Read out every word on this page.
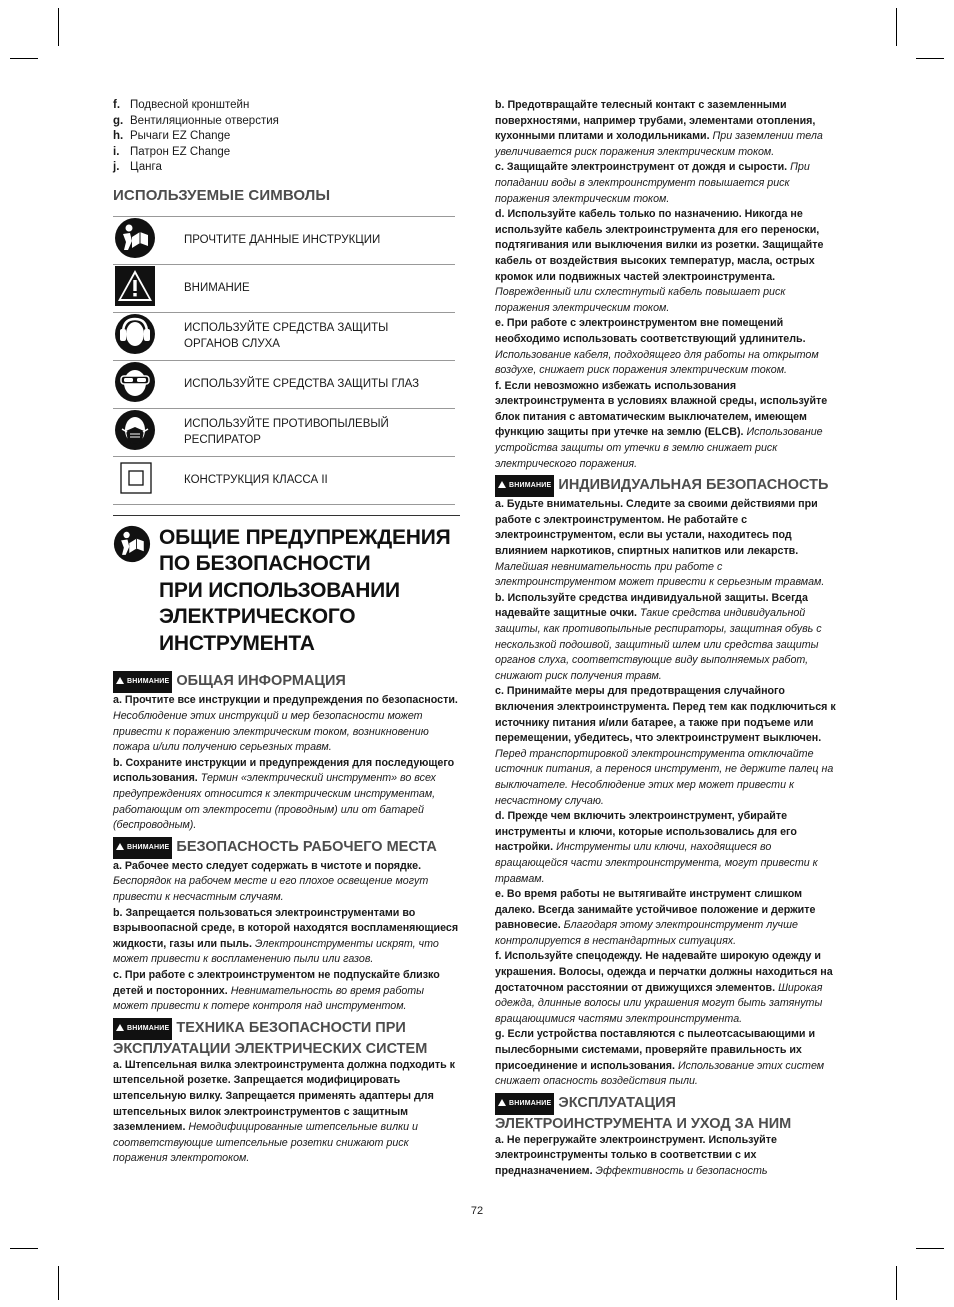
f. Подвесной кронштейн
g. Вентиляционные отверстия
h. Рычаги EZ Change
i. Патрон EZ Change
j. Цанга
ИСПОЛЬЗУЕМЫЕ СИМВОЛЫ
	ПРОЧТИТЕ ДАННЫЕ ИНСТРУКЦИИ
	ВНИМАНИЕ
	ИСПОЛЬЗУЙТЕ СРЕДСТВА ЗАЩИТЫ ОРГАНОВ СЛУХА
	ИСПОЛЬЗУЙТЕ СРЕДСТВА ЗАЩИТЫ ГЛАЗ
	ИСПОЛЬЗУЙТЕ ПРОТИВОПЫЛЕВЫЙ РЕСПИРАТОР
	КОНСТРУКЦИЯ КЛАССА II
ОБЩИЕ ПРЕДУПРЕЖДЕНИЯ
ПО БЕЗОПАСНОСТИ
ПРИ ИСПОЛЬЗОВАНИИ
ЭЛЕКТРИЧЕСКОГО
ИНСТРУМЕНТА
ВНИМАНИЕ ОБЩАЯ ИНФОРМАЦИЯ

a. Прочтите все инструкции и предупреждения по безопасности. Несоблюдение этих инструкций и мер безопасности может привести к поражению электрическим током, возникновению пожара и/или получению серьезных травм.

b. Сохраните инструкции и предупреждения для последующего использования. Термин «электрический инструмент» во всех предупреждениях относится к электрическим инструментам, работающим от электросети (проводным) или от батарей (беспроводным).

ВНИМАНИЕ БЕЗОПАСНОСТЬ РАБОЧЕГО МЕСТА

a. Рабочее место следует содержать в чистоте и порядке. Беспорядок на рабочем месте и его плохое освещение могут привести к несчастным случаям.

b. Запрещается пользоваться электроинструментами во взрывоопасной среде, в которой находятся воспламеняющиеся жидкости, газы или пыль. Электроинструменты искрят, что может привести к воспламенению пыли или газов.

c. При работе с электроинструментом не подпускайте близко детей и посторонних. Невнимательность во время работы может привести к потере контроля над инструментом.

ВНИМАНИЕ ТЕХНИКА БЕЗОПАСНОСТИ ПРИ ЭКСПЛУАТАЦИИ ЭЛЕКТРИЧЕСКИХ СИСТЕМ

a. Штепсельная вилка электроинструмента должна подходить к штепсельной розетке. Запрещается модифицировать штепсельную вилку. Запрещается применять адаптеры для штепсельных вилок электроинструментов с защитным заземлением. Немодифицированные штепсельные вилки и соответствующие штепсельные розетки снижают риск поражения электротоком.

b. Предотвращайте телесный контакт с заземленными поверхностями, например трубами, элементами отопления, кухонными плитами и холодильниками. При заземлении тела увеличивается риск поражения электрическим током.

c. Защищайте электроинструмент от дождя и сырости. При попадании воды в электроинструмент повышается риск поражения электрическим током.

d. Используйте кабель только по назначению. Никогда не используйте кабель электроинструмента для его переноски, подтягивания или выключения вилки из розетки. Защищайте кабель от воздействия высоких температур, масла, острых кромок или подвижных частей электроинструмента. Поврежденный или схлестнутый кабель повышает риск поражения электрическим током.

e. При работе с электроинструментом вне помещений необходимо использовать соответствующий удлинитель. Использование кабеля, подходящего для работы на открытом воздухе, снижает риск поражения электрическим током.

f. Если невозможно избежать использования электроинструмента в условиях влажной среды, используйте блок питания с автоматическим выключателем, имеющем функцию защиты при утечке на землю (ELCB). Использование устройства защиты от утечки в землю снижает риск электрического поражения.

ВНИМАНИЕ ИНДИВИДУАЛЬНАЯ БЕЗОПАСНОСТЬ

a. Будьте внимательны. Следите за своими действиями при работе с электроинструментом. Не работайте с электроинструментом, если вы устали, находитесь под влиянием наркотиков, спиртных напитков или лекарств. Малейшая невнимательность при работе с электроинструментом может привести к серьезным травмам.

b. Используйте средства индивидуальной защиты. Всегда надевайте защитные очки. Такие средства индивидуальной защиты, как противопыльные респираторы, защитная обувь с нескользкой подошвой, защитный шлем или средства защиты органов слуха, соответствующие виду выполняемых работ, снижают риск получения травм.

c. Принимайте меры для предотвращения случайного включения электроинструмента. Перед тем как подключиться к источнику питания и/или батарее, а также при подъеме или перемещении, убедитесь, что электроинструмент выключен. Перед транспортировкой электроинструмента отключайте источник питания, а перенося инструмент, не держите палец на выключателе. Несоблюдение этих мер может привести к несчастному случаю.

d. Прежде чем включить электроинструмент, убирайте инструменты и ключи, которые использовались для его настройки. Инструменты или ключи, находящиеся во вращающейся части электроинструмента, могут привести к травмам.

e. Во время работы не вытягивайте инструмент слишком далеко. Всегда занимайте устойчивое положение и держите равновесие. Благодаря этому электроинструмент лучше контролируется в нестандартных ситуациях.

f. Используйте спецодежду. Не надевайте широкую одежду и украшения. Волосы, одежда и перчатки должны находиться на достаточном расстоянии от движущихся элементов. Широкая одежда, длинные волосы или украшения могут быть затянуты вращающимися частями электроинструмента.

g. Если устройства поставляются с пылеотсасывающими и пылесборными системами, проверяйте правильность их присоединение и использования. Использование этих систем снижает опасность воздействия пыли.

ВНИМАНИЕ ЭКСПЛУАТАЦИЯ ЭЛЕКТРОИНСТРУМЕНТА И УХОД ЗА НИМ

a. Не перегружайте электроинструмент. Используйте электроинструменты только в соответствии с их предназначением. Эффективность и безопасность

72
